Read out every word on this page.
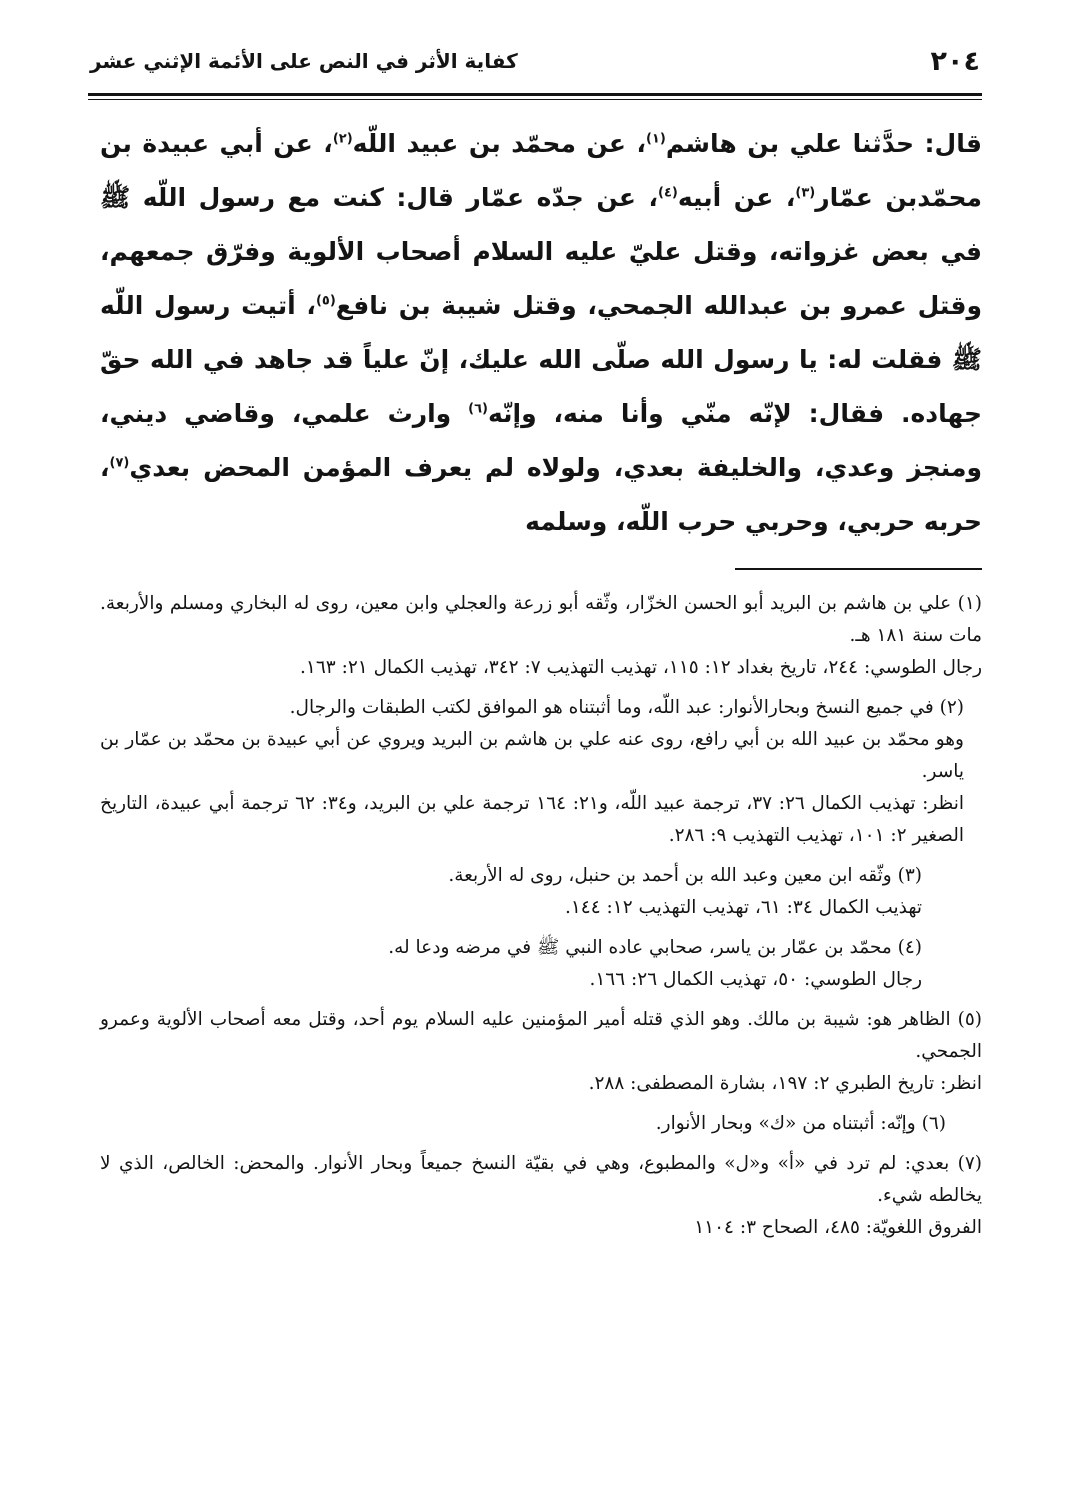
٢٠٤
كفاية الأثر في النص على الأئمة الإثني عشر

قال: حدَّثنا علي بن هاشم$^{(١)}$، عن محمّد بن عبيد اللّه$^{(٢)}$، عن أبي عبيدة بن محمّدبن عمّار$^{(٣)}$، عن أبيه$^{(٤)}$، عن جدّه عمّار قال: كنت مع رسول اللّه ﷺ في بعض غزواته، وقتل عليّ عليه السلام أصحاب الألوية وفرّق جمعهم، وقتل عمرو بن عبدالله الجمحي، وقتل شيبة بن نافع$^{(٥)}$، أتيت رسول اللّه ﷺ فقلت له: يا رسول الله صلّى الله عليك، إنّ علياً قد جاهد في الله حقّ جهاده. فقال: لإنّه منّي وأنا منه، وإنّه$^{(٦)}$ وارث علمي، وقاضي ديني، ومنجز وعدي، والخليفة بعدي، ولولاه لم يعرف المؤمن المحض بعدي$^{(٧)}$، حربه حربي، وحربي حرب اللّه، وسلمه

(١) علي بن هاشم بن البريد أبو الحسن الخزّار، وثّقه أبو زرعة والعجلي وابن معين، روى له البخاري ومسلم والأربعة. مات سنة ١٨١ هـ.
رجال الطوسي: ٢٤٤، تاريخ بغداد ١٢: ١١٥، تهذيب التهذيب ٧: ٣٤٢، تهذيب الكمال ٢١: ١٦٣.

(٢) في جميع النسخ وبحارالأنوار: عبد اللّه، وما أثبتناه هو الموافق لكتب الطبقات والرجال.
وهو محمّد بن عبيد الله بن أبي رافع، روى عنه علي بن هاشم بن البريد ويروي عن أبي عبيدة بن محمّد بن عمّار بن ياسر.
انظر: تهذيب الكمال ٢٦: ٣٧، ترجمة عبيد اللّه، و٢١: ١٦٤ ترجمة علي بن البريد، و٣٤: ٦٢ ترجمة أبي عبيدة، التاريخ الصغير ٢: ١٠١، تهذيب التهذيب ٩: ٢٨٦.

(٣) وثّقه ابن معين وعبد الله بن أحمد بن حنبل، روى له الأربعة.
تهذيب الكمال ٣٤: ٦١، تهذيب التهذيب ١٢: ١٤٤.

(٤) محمّد بن عمّار بن ياسر، صحابي عاده النبي ﷺ في مرضه ودعا له.
رجال الطوسي: ٥٠، تهذيب الكمال ٢٦: ١٦٦.

(٥) الظاهر هو: شيبة بن مالك. وهو الذي قتله أمير المؤمنين عليه السلام يوم أحد، وقتل معه أصحاب الألوية وعمرو الجمحي.
انظر: تاريخ الطبري ٢: ١٩٧، بشارة المصطفى: ٢٨٨.

(٦) وإنّه: أثبتناه من «ك» وبحار الأنوار.

(٧) بعدي: لم ترد في «أ» و«ل» والمطبوع، وهي في بقيّة النسخ جميعاً وبحار الأنوار. والمحض: الخالص، الذي لا يخالطه شيء.
الفروق اللغويّة: ٤٨٥، الصحاح ٣: ١١٠٤
